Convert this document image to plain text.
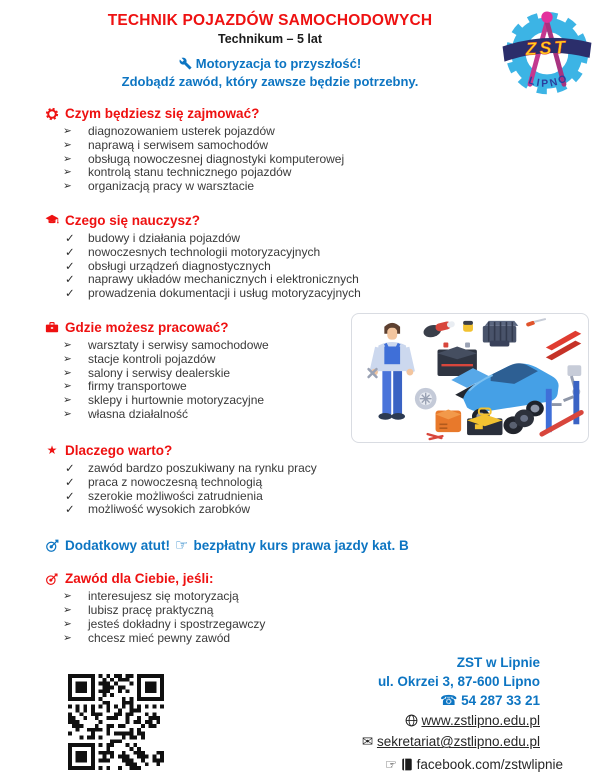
TECHNIK POJAZDÓW SAMOCHODOWYCH
Technikum – 5 lat
Motoryzacja to przyszłość!
Zdobądź zawód, który zawsze będzie potrzebny.
ZST
LIPNO
Czym będziesz się zajmować?
➢ diagnozowaniem usterek pojazdów
➢ naprawą i serwisem samochodów
➢ obsługą nowoczesnej diagnostyki komputerowej
➢ kontrolą stanu technicznego pojazdów
➢ organizacją pracy w warsztacie
Czego się nauczysz?
✓ budowy i działania pojazdów
✓ nowoczesnych technologii motoryzacyjnych
✓ obsługi urządzeń diagnostycznych
✓ naprawy układów mechanicznych i elektronicznych
✓ prowadzenia dokumentacji i usług motoryzacyjnych
Gdzie możesz pracować?
➢ warsztaty i serwisy samochodowe
➢ stacje kontroli pojazdów
➢ salony i serwisy dealerskie
➢ firmy transportowe
➢ sklepy i hurtownie motoryzacyjne
➢ własna działalność
★ Dlaczego warto?
✓ zawód bardzo poszukiwany na rynku pracy
✓ praca z nowoczesną technologią
✓ szerokie możliwości zatrudnienia
✓ możliwość wysokich zarobków
Dodatkowy atut! ☞ bezpłatny kurs prawa jazdy kat. B
Zawód dla Ciebie, jeśli:
➢ interesujesz się motoryzacją
➢ lubisz pracę praktyczną
➢ jesteś dokładny i spostrzegawczy
➢ chcesz mieć pewny zawód
ZST w Lipnie
ul. Okrzei 3, 87-600 Lipno
☎ 54 287 33 21
www.zstlipno.edu.pl
✉ sekretariat@zstlipno.edu.pl
☞ facebook.com/zstwlipnie
